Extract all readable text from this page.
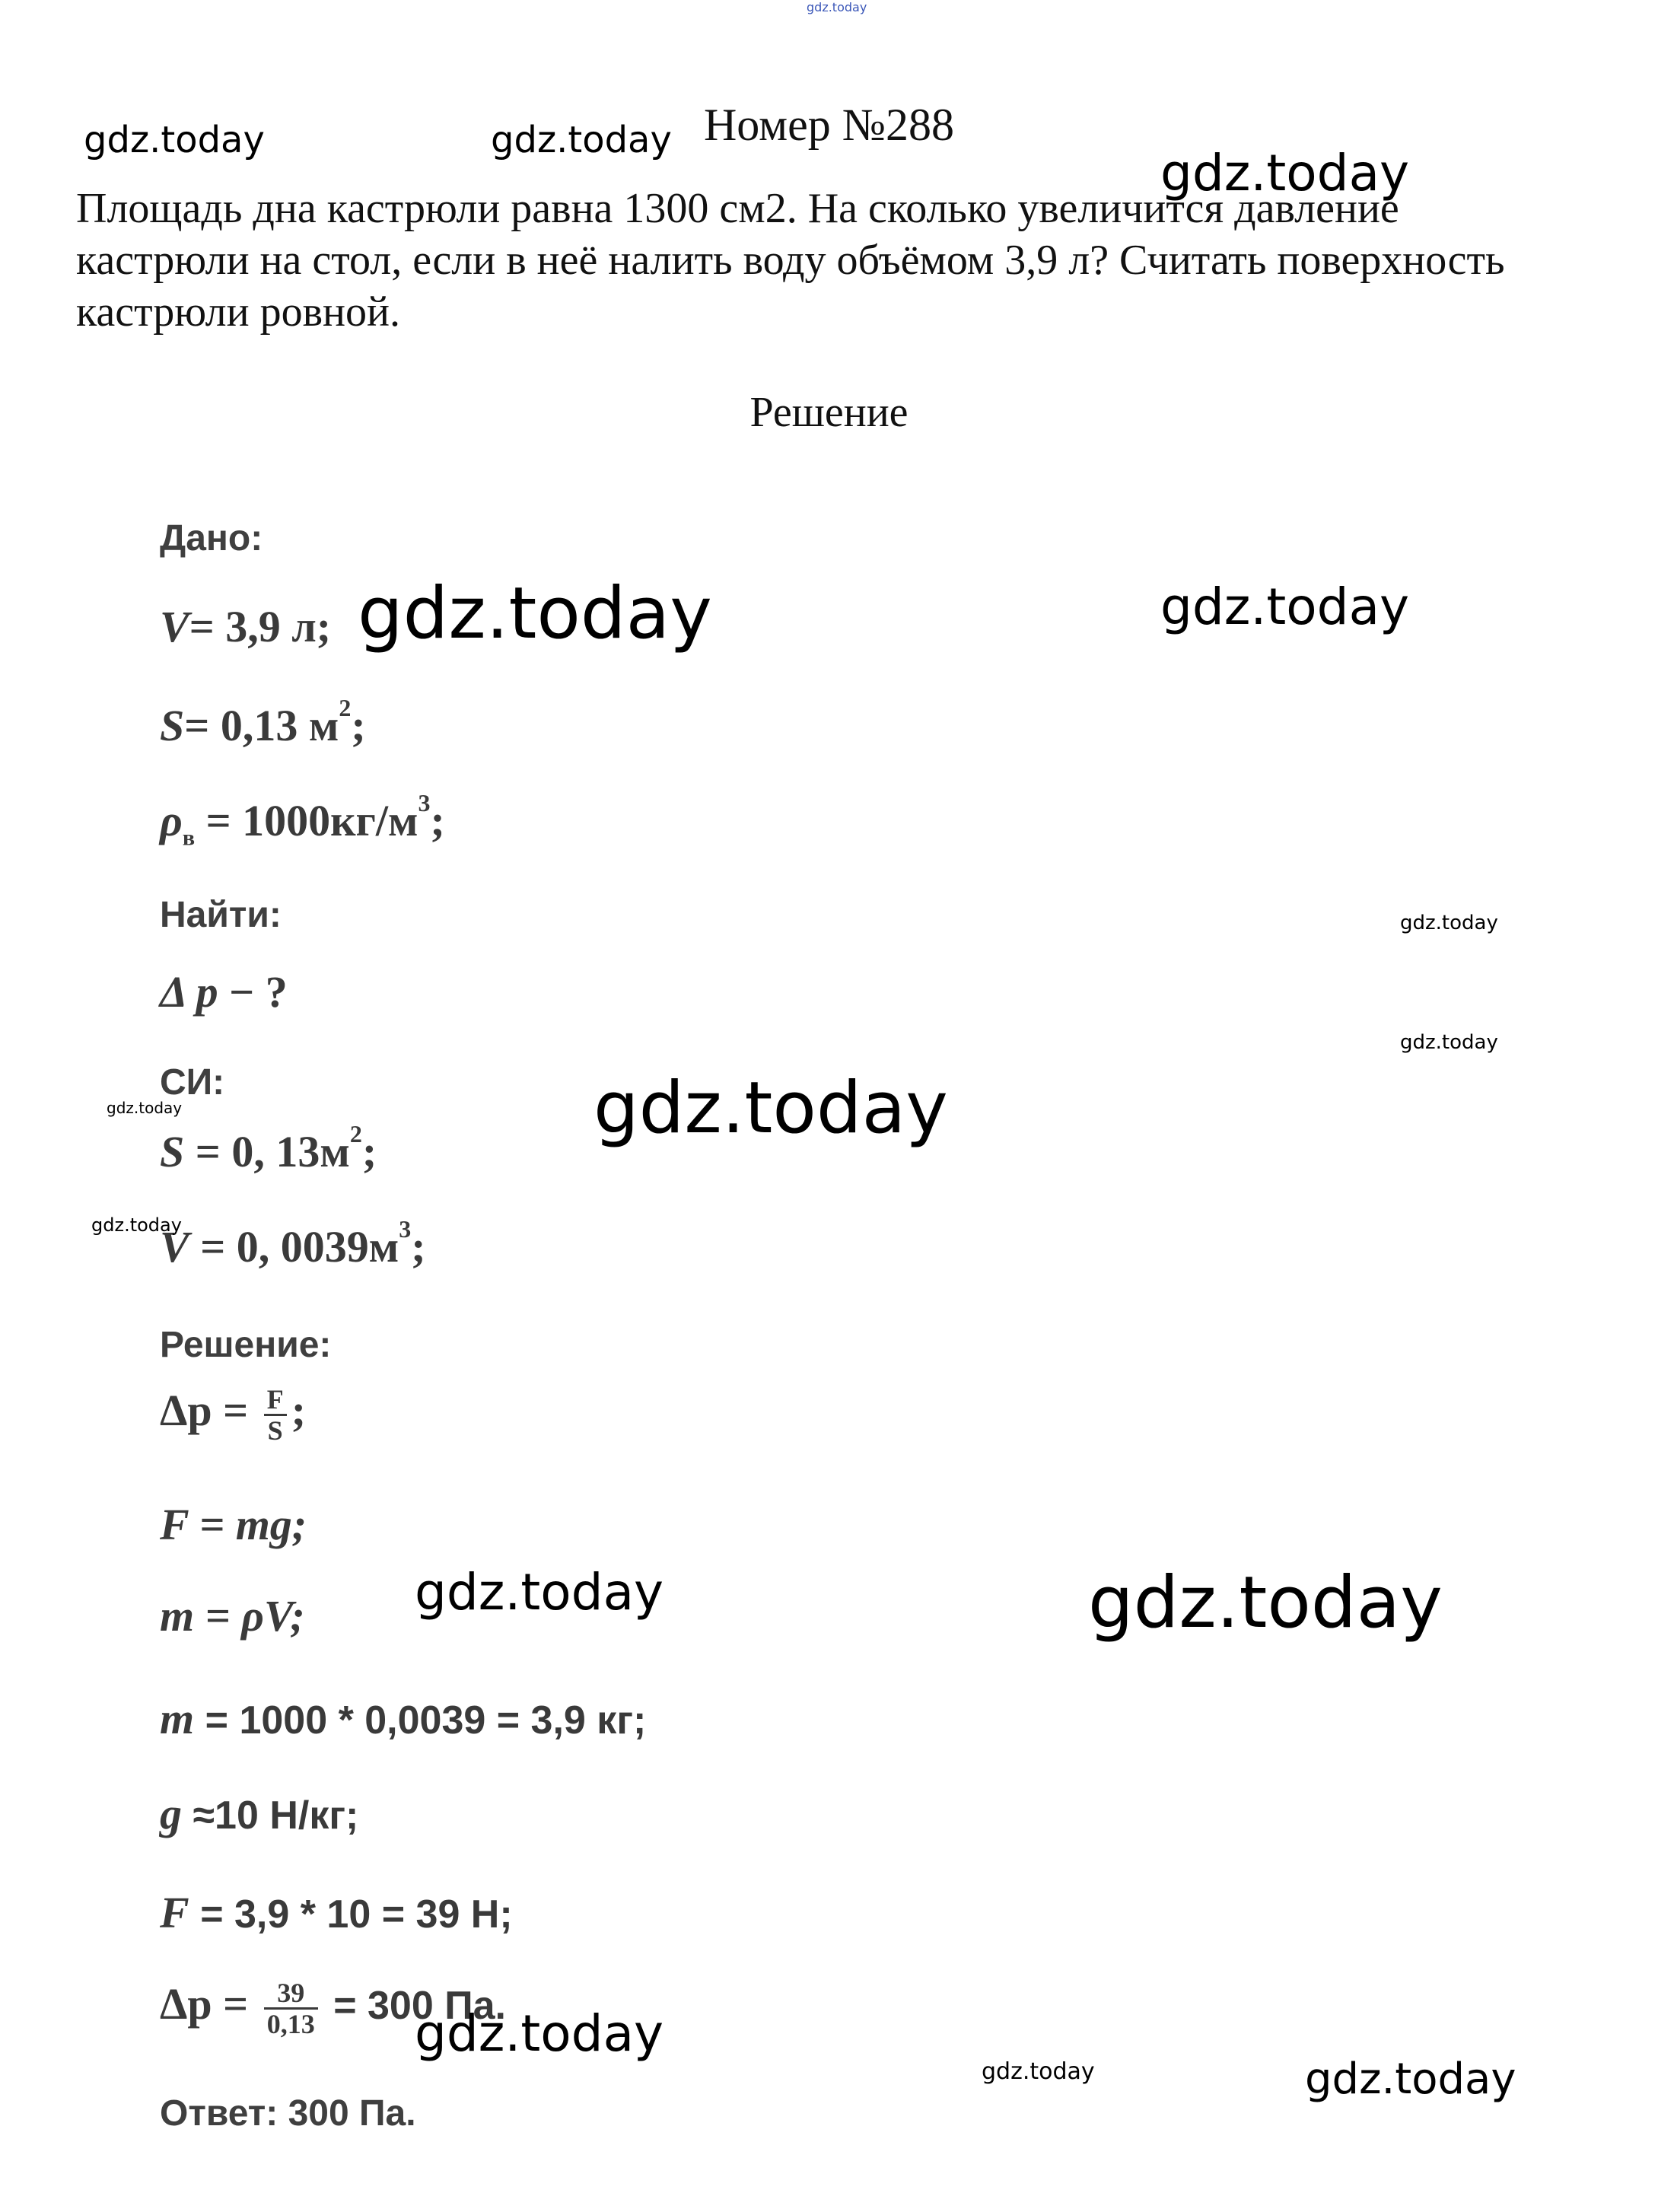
Номер №288
Площадь дна кастрюли равна 1300 см2. На сколько увеличится давление кастрюли на стол, если в неё налить воду объёмом 3,9 л? Считать поверхность кастрюли ровной.
Решение
Дано:
V= 3,9 л;
S= 0,13 $м^2$;
$\rho_в = 1000кг/м^3$;
Найти:
Δ p − ?
СИ:
S = 0, $13м^2$;
V = 0, $0039м^3$;
Решение:
$\Delta p = \frac{F}{S}$ ;
F = mg;
m = ρV;
m = 1000 * 0,0039 = 3,9 кг;
g ≈10 Н/кг;
F = 3,9 * 10 = 39 Н;
$\Delta p = \frac{39}{0,13} = 300$ Па.
Ответ: 300 Па.
gdz.today
gdz.today	gdz.today
gdz.today
gdz.today	gdz.today
gdz.today
gdz.today
gdz.today	gdz.today
gdz.today
gdz.today	gdz.today
gdz.today
gdz.today	gdz.today
